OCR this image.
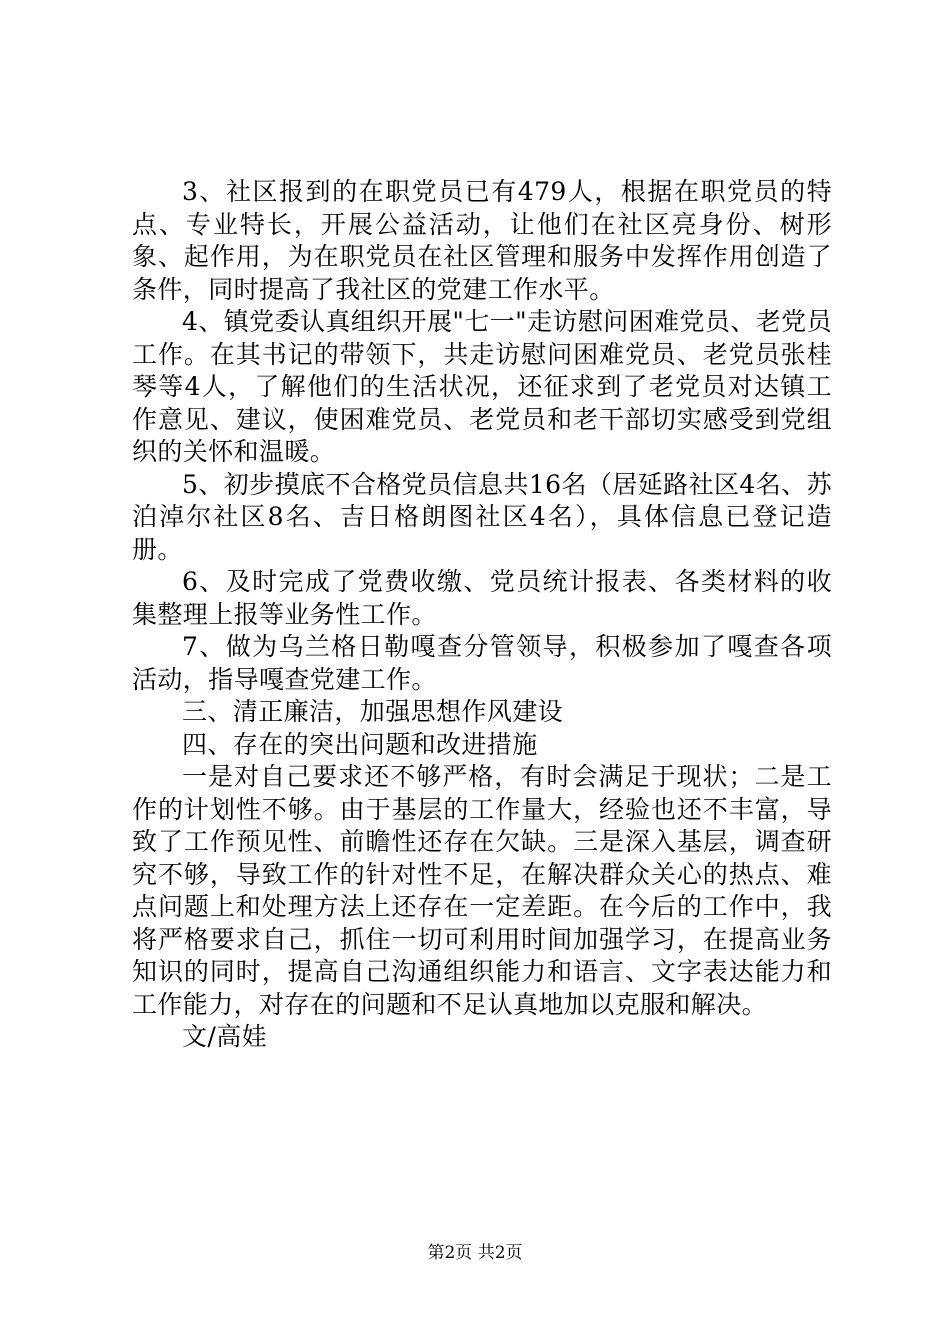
3、社区报到的在职党员已有479人，根据在职党员的特点、专业特长，开展公益活动，让他们在社区亮身份、树形象、起作用，为在职党员在社区管理和服务中发挥作用创造了条件，同时提高了我社区的党建工作水平。

4、镇党委认真组织开展"七一"走访慰问困难党员、老党员工作。在其书记的带领下，共走访慰问困难党员、老党员张桂琴等4人，了解他们的生活状况，还征求到了老党员对达镇工作意见、建议，使困难党员、老党员和老干部切实感受到党组织的关怀和温暖。

5、初步摸底不合格党员信息共16名（居延路社区4名、苏泊淖尔社区8名、吉日格朗图社区4名），具体信息已登记造册。

6、及时完成了党费收缴、党员统计报表、各类材料的收集整理上报等业务性工作。

7、做为乌兰格日勒嘎查分管领导，积极参加了嘎查各项活动，指导嘎查党建工作。

三、清正廉洁，加强思想作风建设

四、存在的突出问题和改进措施

一是对自己要求还不够严格，有时会满足于现状；二是工作的计划性不够。由于基层的工作量大，经验也还不丰富，导致了工作预见性、前瞻性还存在欠缺。三是深入基层，调查研究不够，导致工作的针对性不足，在解决群众关心的热点、难点问题上和处理方法上还存在一定差距。在今后的工作中，我将严格要求自己，抓住一切可利用时间加强学习，在提高业务知识的同时，提高自己沟通组织能力和语言、文字表达能力和工作能力，对存在的问题和不足认真地加以克服和解决。

文/高娃

第2页 共2页
